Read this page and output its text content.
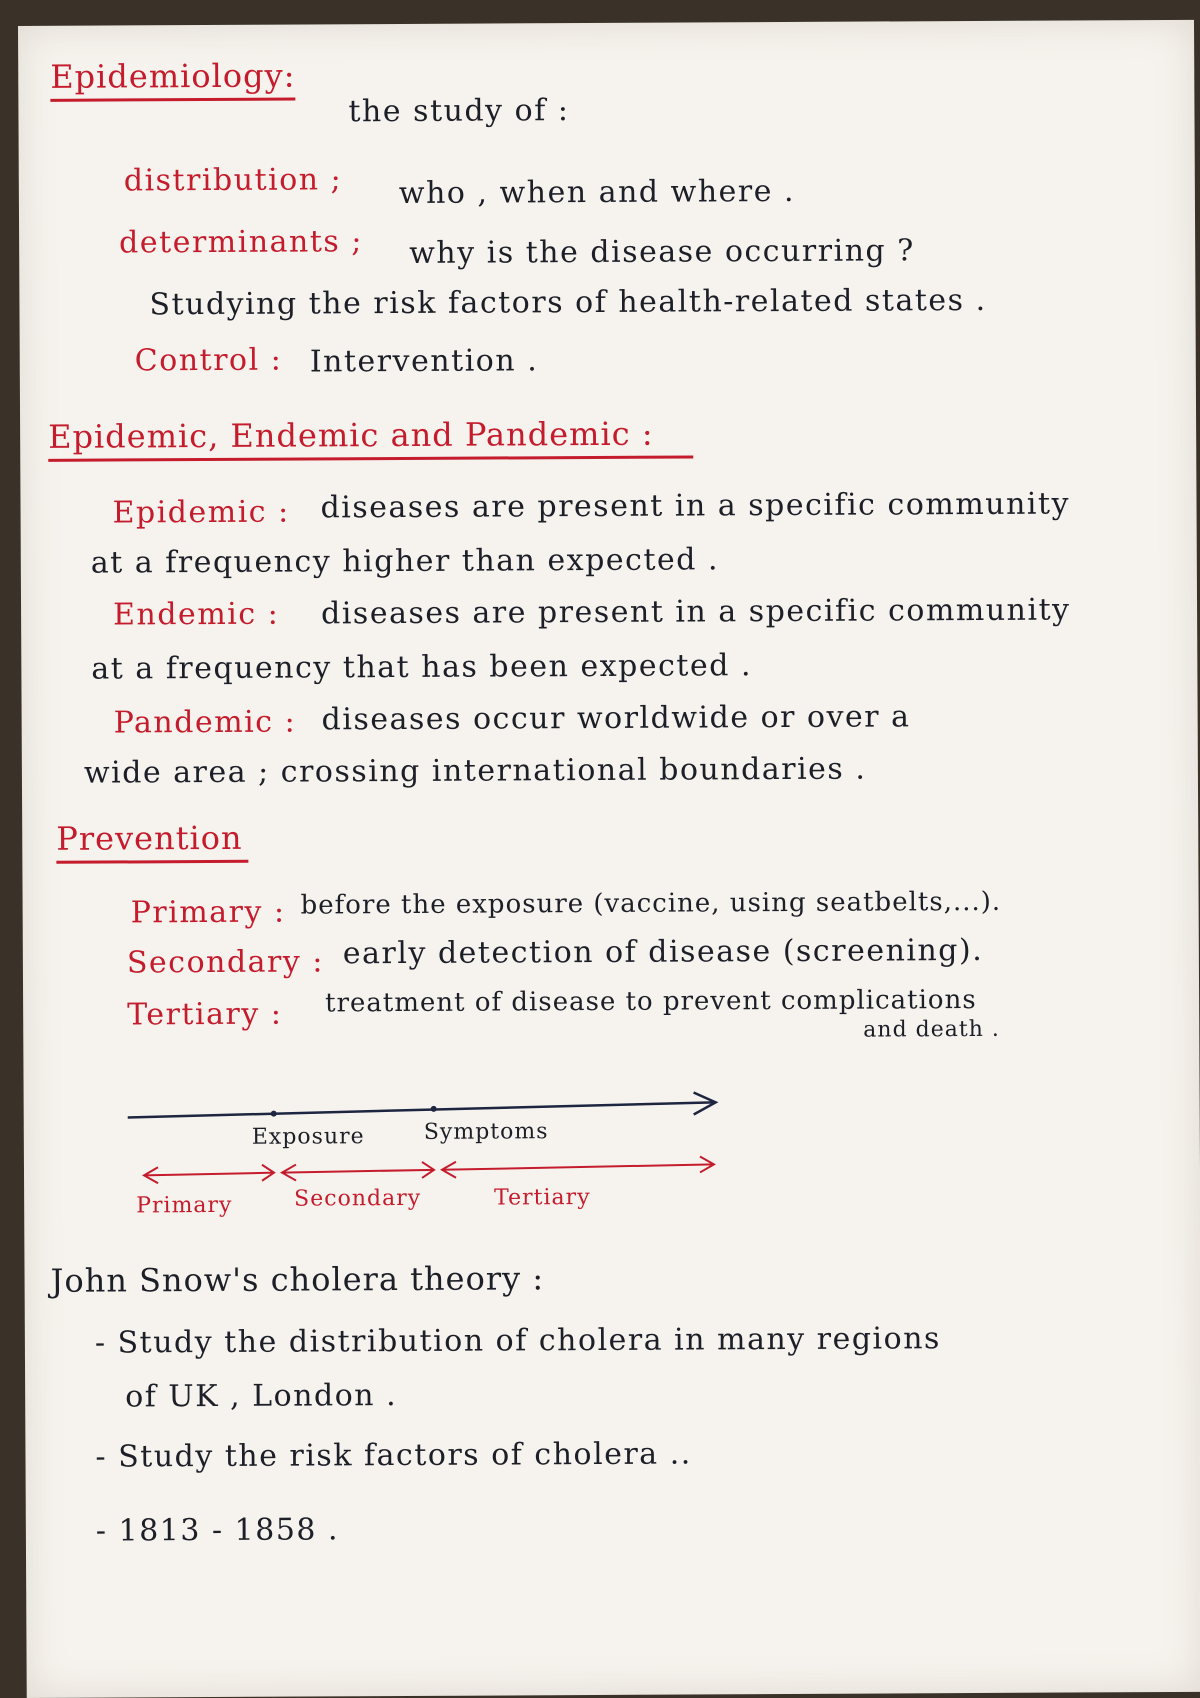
Epidemiology:
the study of :
distribution ; who , when and where .
determinants ; why is the disease occurring ?
Studying the risk factors of health-related states .
Control : Intervention .
Epidemic, Endemic and Pandemic :
Epidemic : diseases are present in a specific community
at a frequency higher than expected .
Endemic : diseases are present in a specific community
at a frequency that has been expected .
Pandemic : diseases occur worldwide or over a
wide area ; crossing international boundaries .
Prevention
Primary : before the exposure (vaccine, using seatbelts,...).
Secondary : early detection of disease (screening).
Tertiary : treatment of disease to prevent complications
and death .
Exposure	Symptoms
Primary	Secondary	Tertiary
John Snow's cholera theory :
- Study the distribution of cholera in many regions
of UK , London .
- Study the risk factors of cholera ..
- 1813 - 1858 .
